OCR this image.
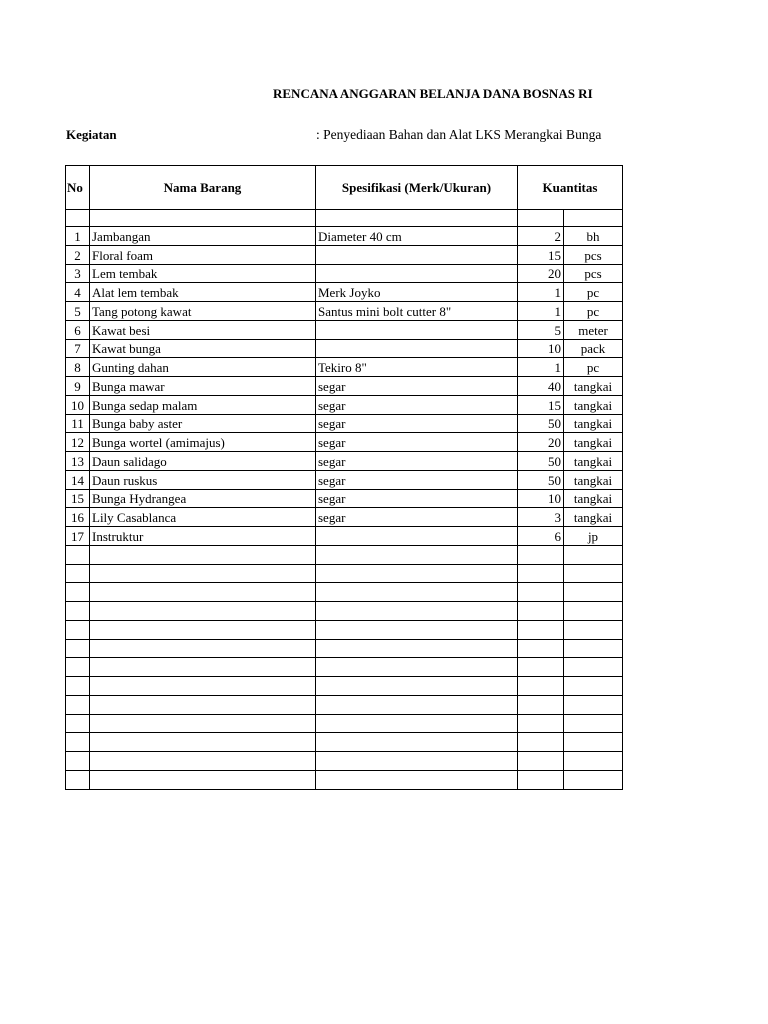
RENCANA ANGGARAN BELANJA DANA BOSNAS RI
Kegiatan	: Penyediaan Bahan dan Alat LKS Merangkai Bunga
No	Nama Barang	Spesifikasi (Merk/Ukuran)	Kuantitas	

1	Jambangan	Diameter 40 cm	2	bh
2	Floral foam		15	pcs
3	Lem tembak		20	pcs
4	Alat lem tembak	Merk Joyko	1	pc
5	Tang potong kawat	Santus mini bolt cutter 8"	1	pc
6	Kawat besi		5	meter
7	Kawat bunga		10	pack
8	Gunting dahan	Tekiro 8"	1	pc
9	Bunga mawar	segar	40	tangkai
10	Bunga sedap malam	segar	15	tangkai
11	Bunga baby aster	segar	50	tangkai
12	Bunga wortel (amimajus)	segar	20	tangkai
13	Daun salidago	segar	50	tangkai
14	Daun ruskus	segar	50	tangkai
15	Bunga Hydrangea	segar	10	tangkai
16	Lily Casablanca	segar	3	tangkai
17	Instruktur		6	jp
